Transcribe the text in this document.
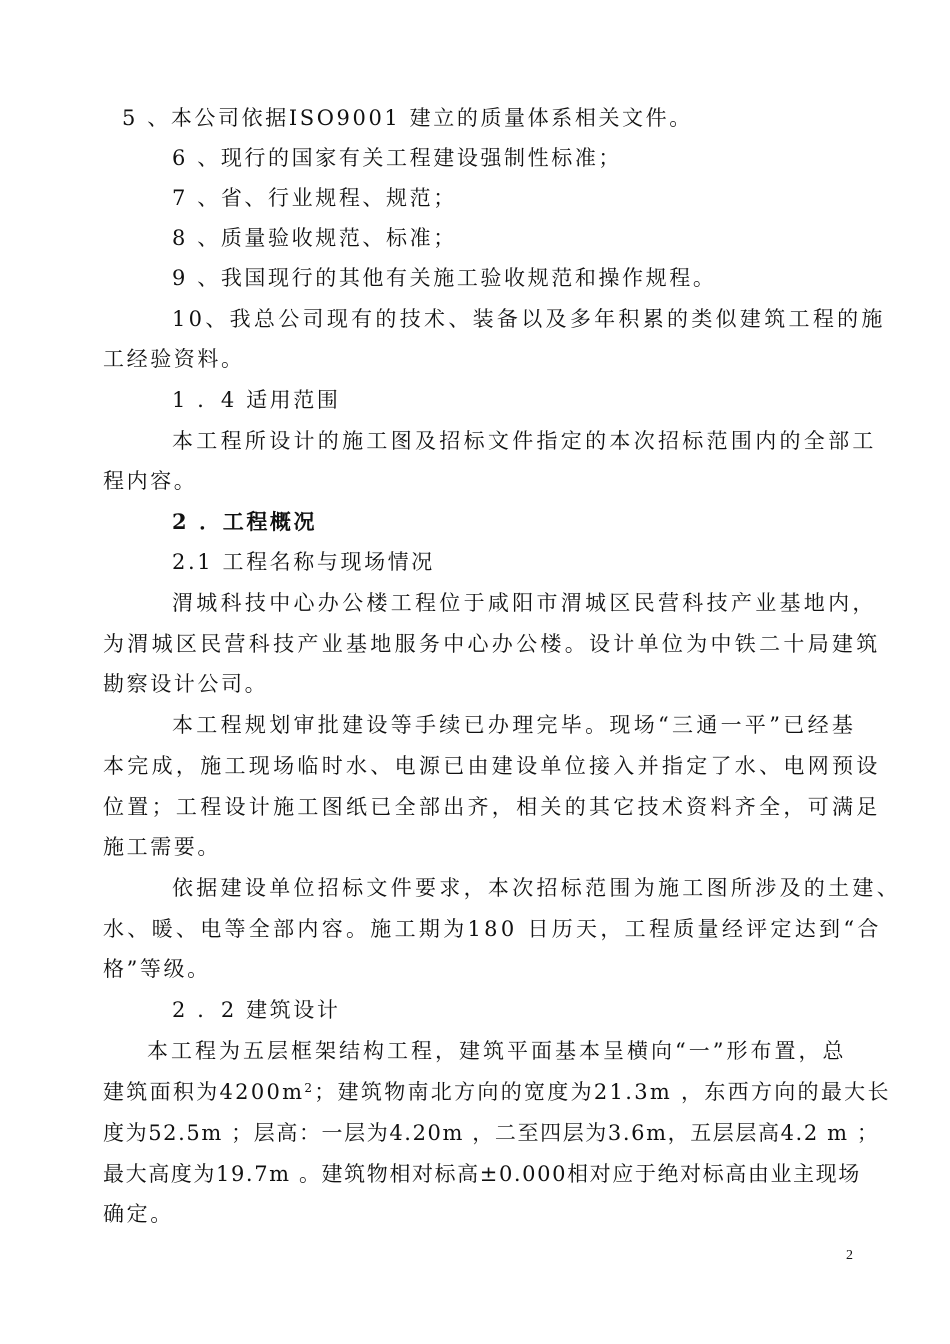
5 、本公司依据ISO9001 建立的质量体系相关文件。
6 、现行的国家有关工程建设强制性标准；
7 、省、行业规程、规范；
8 、质量验收规范、标准；
9 、我国现行的其他有关施工验收规范和操作规程。
10、我总公司现有的技术、装备以及多年积累的类似建筑工程的施
工经验资料。
1 ．4 适用范围
本工程所设计的施工图及招标文件指定的本次招标范围内的全部工
程内容。
2 ．工程概况
2.1 工程名称与现场情况
渭城科技中心办公楼工程位于咸阳市渭城区民营科技产业基地内，
为渭城区民营科技产业基地服务中心办公楼。设计单位为中铁二十局建筑
勘察设计公司。
本工程规划审批建设等手续已办理完毕。现场“三通一平”已经基
本完成，施工现场临时水、电源已由建设单位接入并指定了水、电网预设
位置；工程设计施工图纸已全部出齐，相关的其它技术资料齐全，可满足
施工需要。
依据建设单位招标文件要求，本次招标范围为施工图所涉及的土建、
水、暖、电等全部内容。施工期为180 日历天，工程质量经评定达到“合
格”等级。
2 ．2 建筑设计
本工程为五层框架结构工程，建筑平面基本呈横向“一”形布置，总
建筑面积为$4200m^2$；建筑物南北方向的宽度为21.3m ，东西方向的最大长
度为52.5m ；层高：一层为4.20m ，二至四层为3.6m，五层层高4.2 m ；
最大高度为19.7m 。建筑物相对标高±0.000相对应于绝对标高由业主现场
确定。
2
